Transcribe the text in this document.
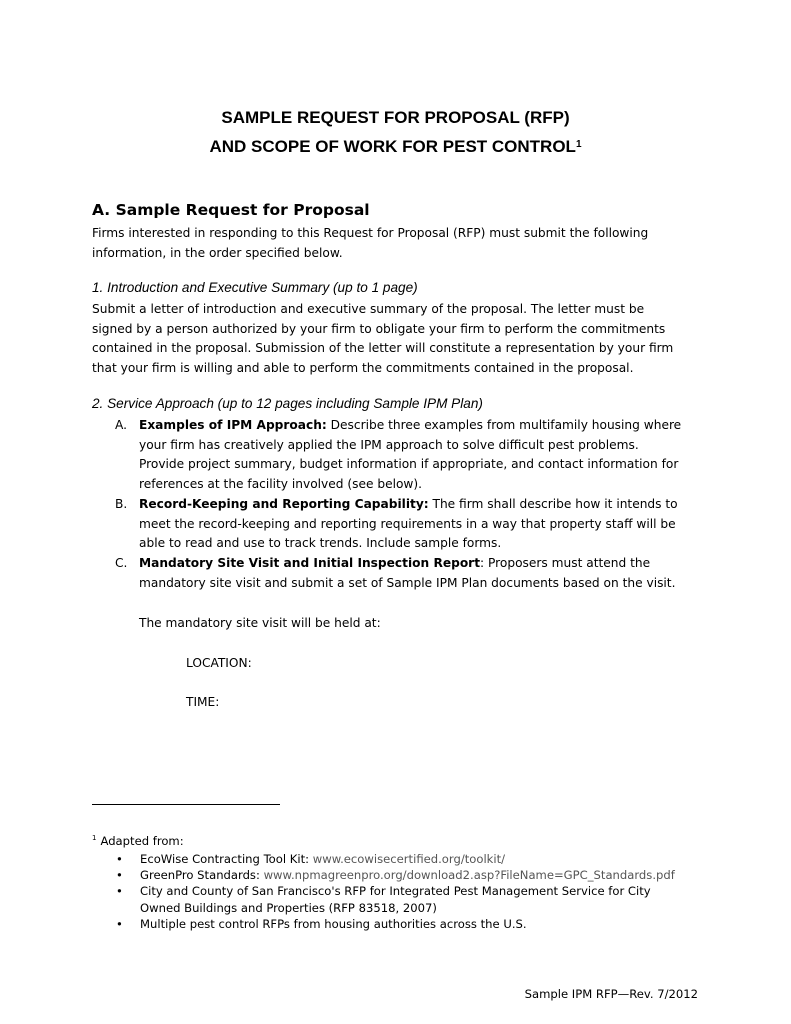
SAMPLE REQUEST FOR PROPOSAL (RFP)
AND SCOPE OF WORK FOR PEST CONTROL$^1$
A. Sample Request for Proposal
Firms interested in responding to this Request for Proposal (RFP) must submit the following
information, in the order specified below.
1. Introduction and Executive Summary (up to 1 page)
Submit a letter of introduction and executive summary of the proposal. The letter must be
signed by a person authorized by your firm to obligate your firm to perform the commitments
contained in the proposal. Submission of the letter will constitute a representation by your firm
that your firm is willing and able to perform the commitments contained in the proposal.
2. Service Approach (up to 12 pages including Sample IPM Plan)
A. Examples of IPM Approach: Describe three examples from multifamily housing where
your firm has creatively applied the IPM approach to solve difficult pest problems.
Provide project summary, budget information if appropriate, and contact information for
references at the facility involved (see below).
B. Record-Keeping and Reporting Capability: The firm shall describe how it intends to
meet the record-keeping and reporting requirements in a way that property staff will be
able to read and use to track trends. Include sample forms.
C. Mandatory Site Visit and Initial Inspection Report: Proposers must attend the
mandatory site visit and submit a set of Sample IPM Plan documents based on the visit.
The mandatory site visit will be held at:
LOCATION:
TIME:
$^1$ Adapted from:
• EcoWise Contracting Tool Kit: www.ecowisecertified.org/toolkit/
• GreenPro Standards: www.npmagreenpro.org/download2.asp?FileName=GPC_Standards.pdf
• City and County of San Francisco's RFP for Integrated Pest Management Service for City Owned Buildings and Properties (RFP 83518, 2007)
• Multiple pest control RFPs from housing authorities across the U.S.
Sample IPM RFP—Rev. 7/2012
